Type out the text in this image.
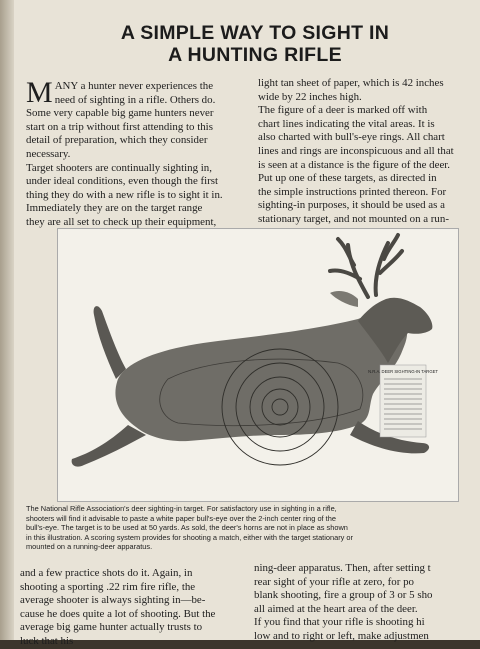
A SIMPLE WAY TO SIGHT IN
A HUNTING RIFLE
M ANY a hunter never experiences the
need of sighting in a rifle. Others do.
Some very capable big game hunters never
start on a trip without first attending to this
detail of preparation, which they consider
necessary.
Target shooters are continually sighting in,
under ideal conditions, even though the first
thing they do with a new rifle is to sight it in.
Immediately they are on the target range
they are all set to check up their equipment,
light tan sheet of paper, which is 42 inches
wide by 22 inches high.
The figure of a deer is marked off with
chart lines indicating the vital areas. It is
also charted with bull's-eye rings. All chart
lines and rings are inconspicuous and all that
is seen at a distance is the figure of the deer.
Put up one of these targets, as directed in
the simple instructions printed thereon. For
sighting-in purposes, it should be used as a
stationary target, and not mounted on a run-
N.R.A. DEER SIGHTING-IN TARGET
The National Rifle Association's deer sighting-in target. For satisfactory use in sighting in a rifle,
shooters will find it advisable to paste a white paper bull's-eye over the 2-inch center ring of the
bull's-eye. The target is to be used at 50 yards. As sold, the deer's horns are not in place as shown
in this illustration. A scoring system provides for shooting a match, either with the target stationary or
mounted on a running-deer apparatus.
and a few practice shots do it. Again, in
shooting a sporting .22 rim fire rifle, the
average shooter is always sighting in—be-
cause he does quite a lot of shooting. But the
average big game hunter actually trusts to
luck that his
ning-deer apparatus. Then, after setting t
rear sight of your rifle at zero, for po
blank shooting, fire a group of 3 or 5 sho
all aimed at the heart area of the deer.
If you find that your rifle is shooting hi
low and to right or left, make adjustmen
